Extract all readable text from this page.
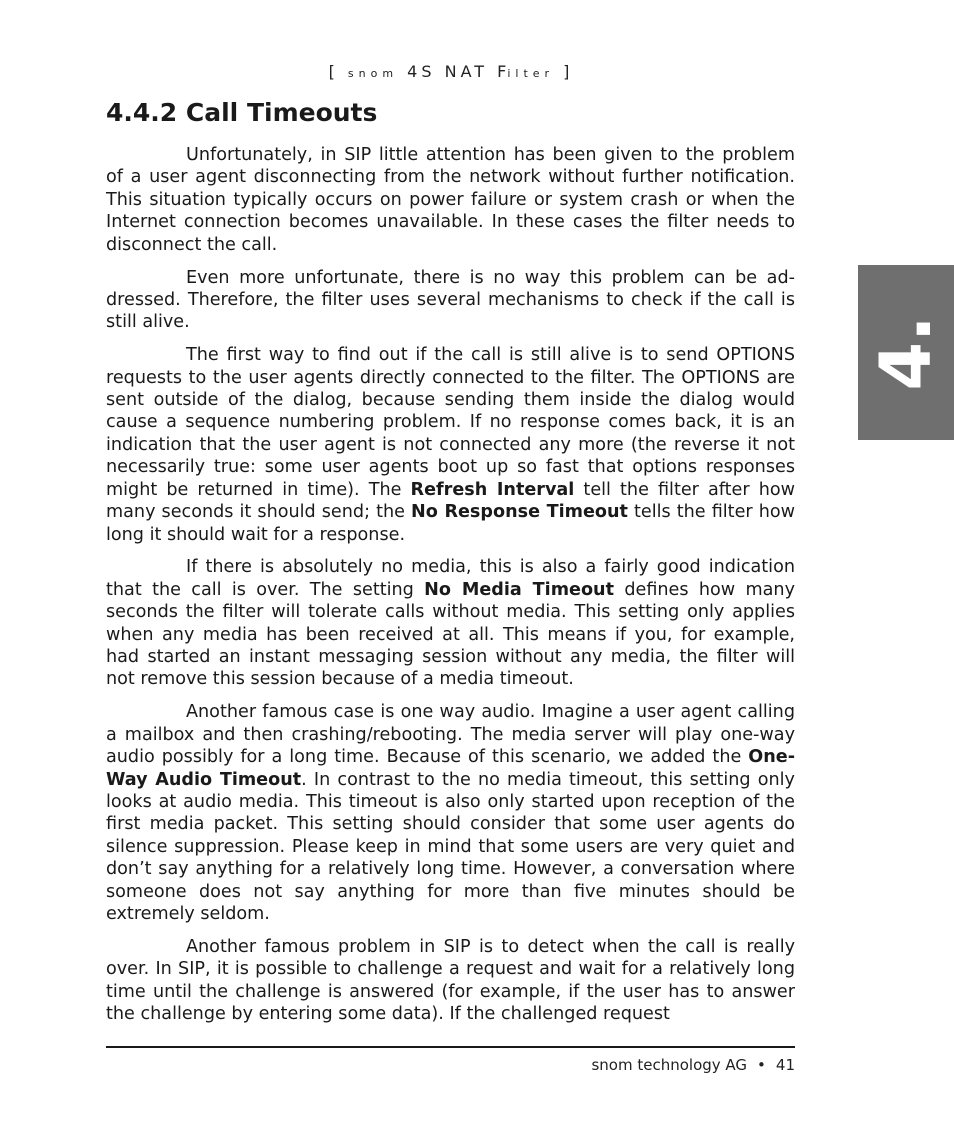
[ snom 4S NAT Filter ]
4.4.2 Call Timeouts

Unfortunately, in SIP little attention has been given to the problem of a user agent disconnecting from the network without further notification. This situation typically occurs on power failure or system crash or when the Internet connection becomes unavailable. In these cases the filter needs to disconnect the call.

Even more unfortunate, there is no way this problem can be addressed. Therefore, the filter uses several mechanisms to check if the call is still alive.

The first way to find out if the call is still alive is to send OPTIONS requests to the user agents directly connected to the filter. The OPTIONS are sent outside of the dialog, because sending them inside the dialog would cause a sequence numbering problem. If no response comes back, it is an indication that the user agent is not connected any more (the reverse it not necessarily true: some user agents boot up so fast that options responses might be returned in time). The Refresh Interval tell the filter after how many seconds it should send; the No Response Timeout tells the filter how long it should wait for a response.

If there is absolutely no media, this is also a fairly good indication that the call is over. The setting No Media Timeout defines how many seconds the filter will tolerate calls without media. This setting only applies when any media has been received at all. This means if you, for example, had started an instant messaging session without any media, the filter will not remove this session because of a media timeout.

Another famous case is one way audio. Imagine a user agent calling a mailbox and then crashing/rebooting. The media server will play one-way audio possibly for a long time. Because of this scenario, we added the One-Way Audio Timeout. In contrast to the no media timeout, this setting only looks at audio media. This timeout is also only started upon reception of the first media packet. This setting should consider that some user agents do silence suppression. Please keep in mind that some users are very quiet and don’t say anything for a relatively long time. However, a conversation where someone does not say anything for more than five minutes should be extremely seldom.

Another famous problem in SIP is to detect when the call is really over. In SIP, it is possible to challenge a request and wait for a relatively long time until the challenge is answered (for example, if the user has to answer the challenge by entering some data). If the challenged request

4.
snom technology AG • 41
